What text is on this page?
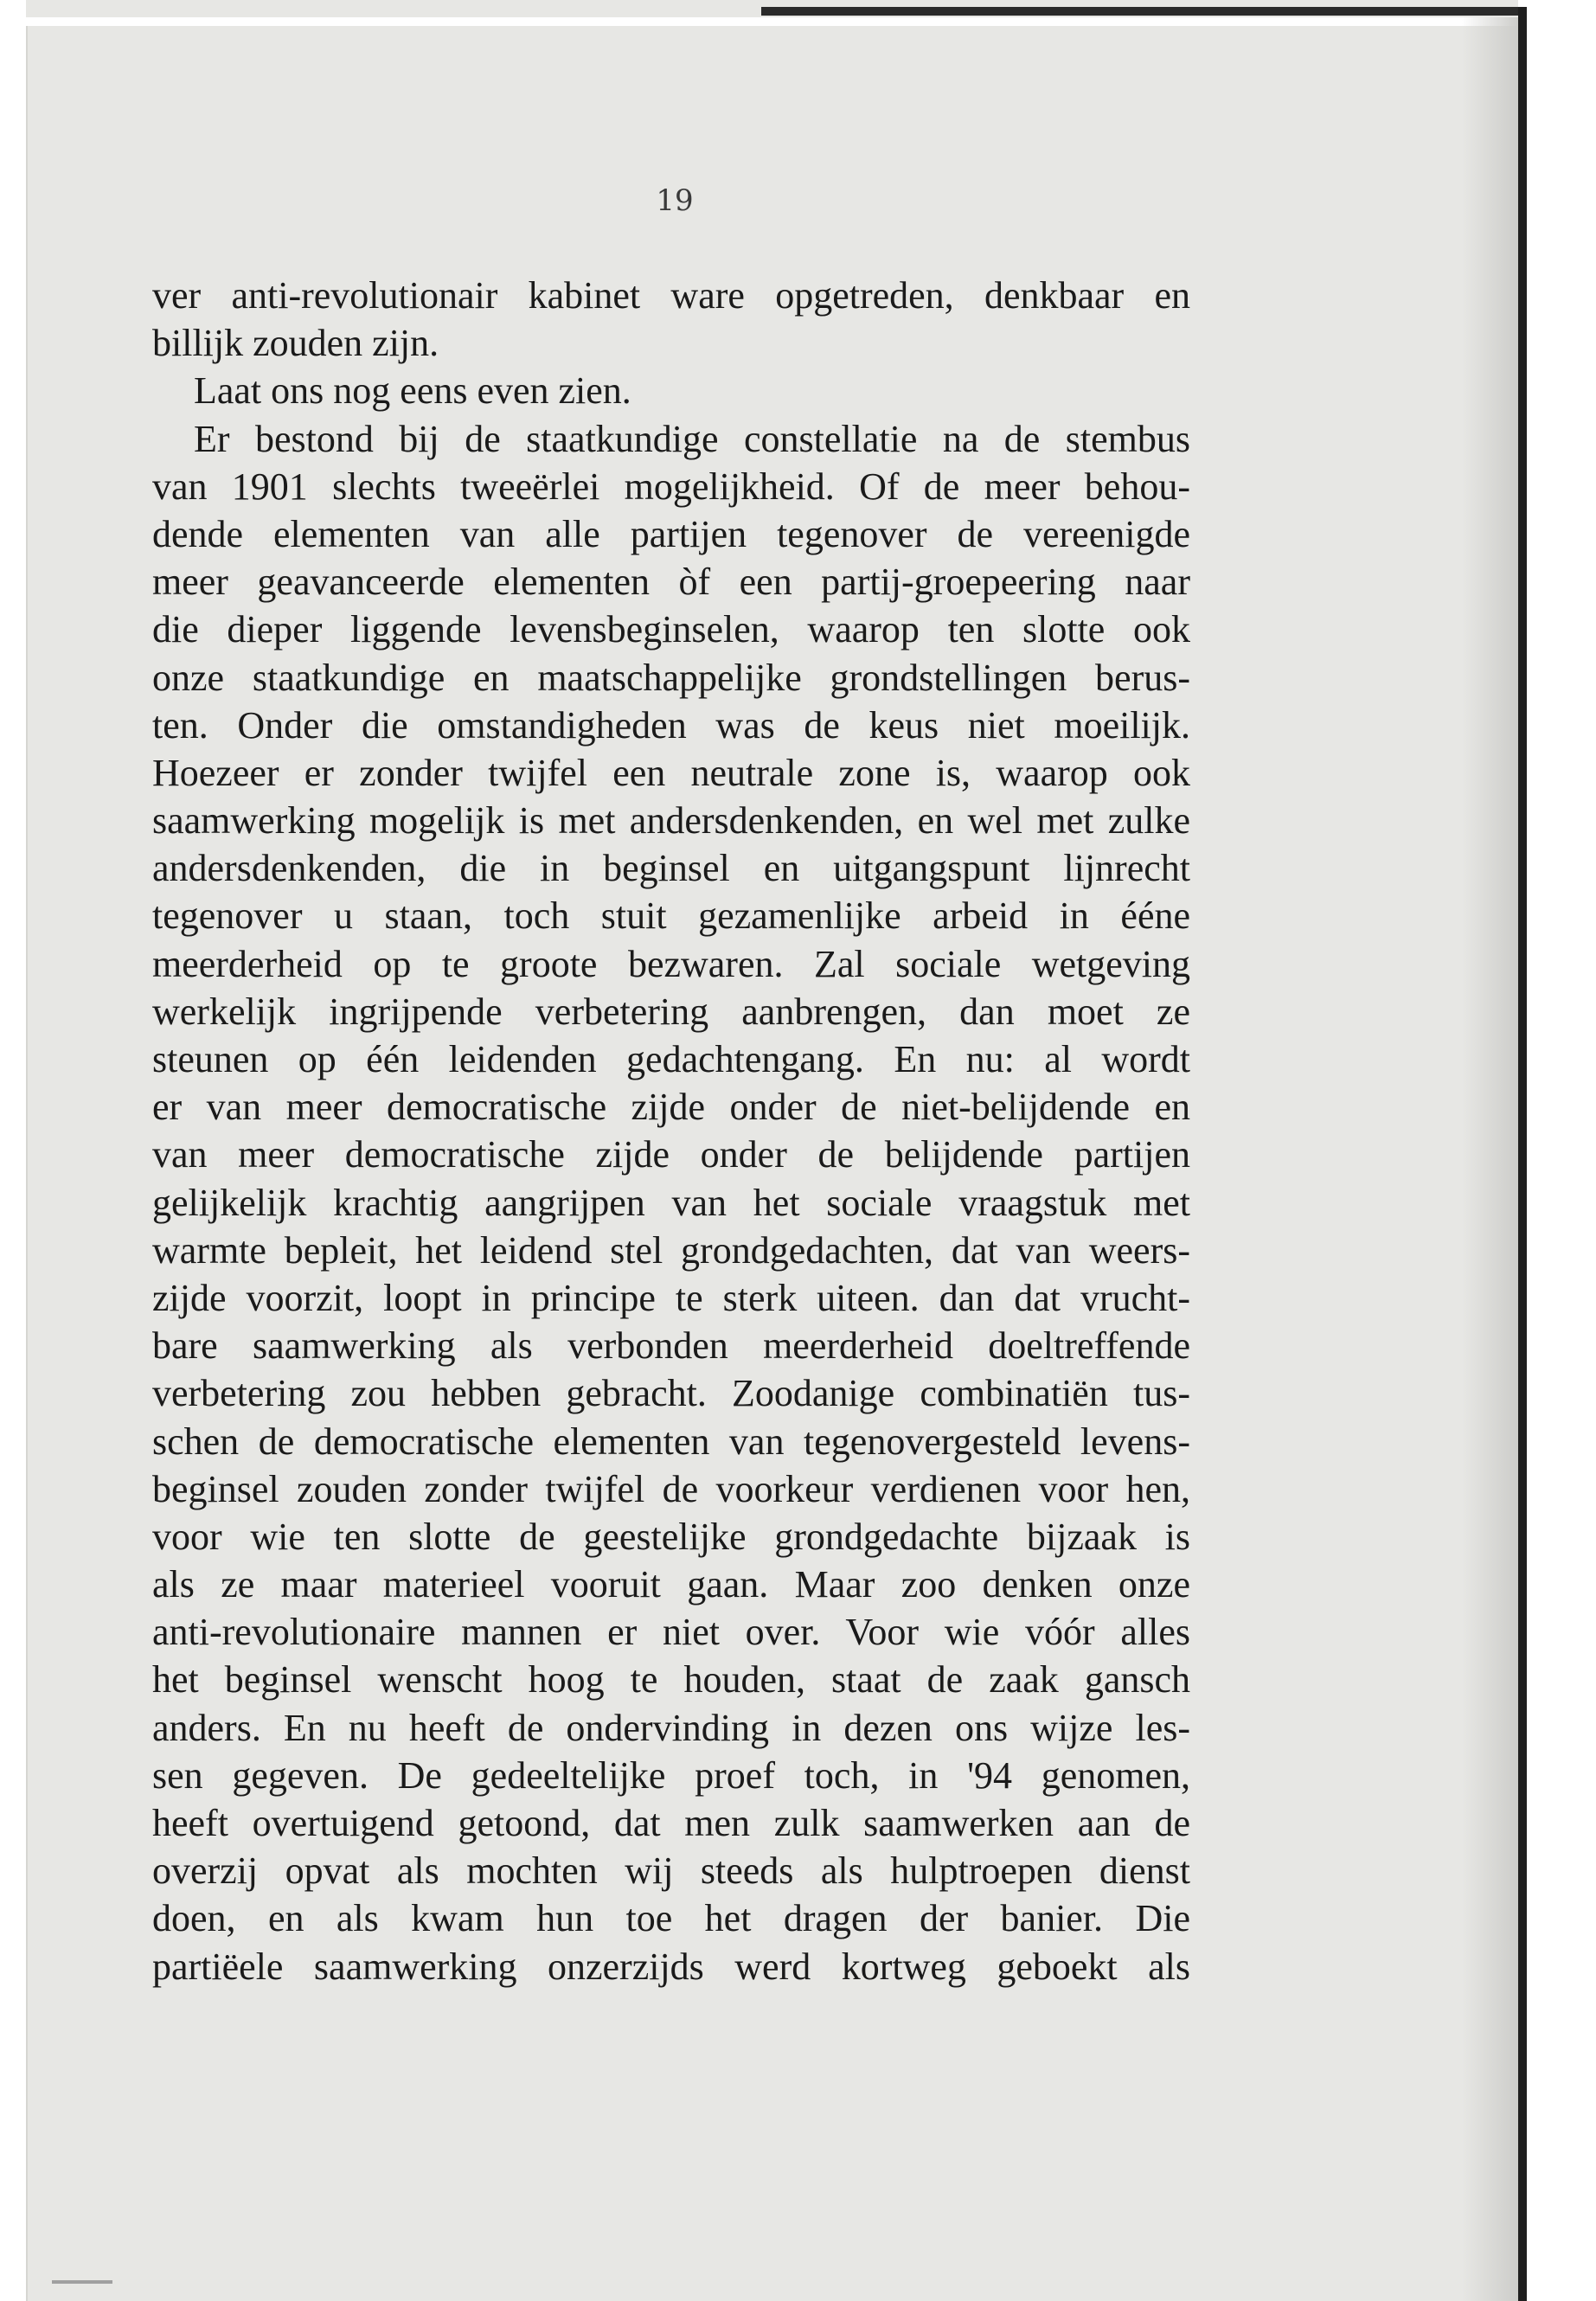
19

ver anti-revolutionair kabinet ware opgetreden, denkbaar en
billijk zouden zijn.
Laat ons nog eens even zien.
Er bestond bij de staatkundige constellatie na de stembus
van 1901 slechts tweeërlei mogelijkheid. Of de meer behou-
dende elementen van alle partijen tegenover de vereenigde
meer geavanceerde elementen òf een partij-groepeering naar
die dieper liggende levensbeginselen, waarop ten slotte ook
onze staatkundige en maatschappelijke grondstellingen berus-
ten. Onder die omstandigheden was de keus niet moeilijk.
Hoezeer er zonder twijfel een neutrale zone is, waarop ook
saamwerking mogelijk is met andersdenkenden, en wel met zulke
andersdenkenden, die in beginsel en uitgangspunt lijnrecht
tegenover u staan, toch stuit gezamenlijke arbeid in ééne
meerderheid op te groote bezwaren. Zal sociale wetgeving
werkelijk ingrijpende verbetering aanbrengen, dan moet ze
steunen op één leidenden gedachtengang. En nu: al wordt
er van meer democratische zijde onder de niet-belijdende en
van meer democratische zijde onder de belijdende partijen
gelijkelijk krachtig aangrijpen van het sociale vraagstuk met
warmte bepleit, het leidend stel grondgedachten, dat van weers-
zijde voorzit, loopt in principe te sterk uiteen. dan dat vrucht-
bare saamwerking als verbonden meerderheid doeltreffende
verbetering zou hebben gebracht. Zoodanige combinatiën tus-
schen de democratische elementen van tegenovergesteld levens-
beginsel zouden zonder twijfel de voorkeur verdienen voor hen,
voor wie ten slotte de geestelijke grondgedachte bijzaak is
als ze maar materieel vooruit gaan. Maar zoo denken onze
anti-revolutionaire mannen er niet over. Voor wie vóór alles
het beginsel wenscht hoog te houden, staat de zaak gansch
anders. En nu heeft de ondervinding in dezen ons wijze les-
sen gegeven. De gedeeltelijke proef toch, in '94 genomen,
heeft overtuigend getoond, dat men zulk saamwerken aan de
overzij opvat als mochten wij steeds als hulptroepen dienst
doen, en als kwam hun toe het dragen der banier. Die
partiëele saamwerking onzerzijds werd kortweg geboekt als
